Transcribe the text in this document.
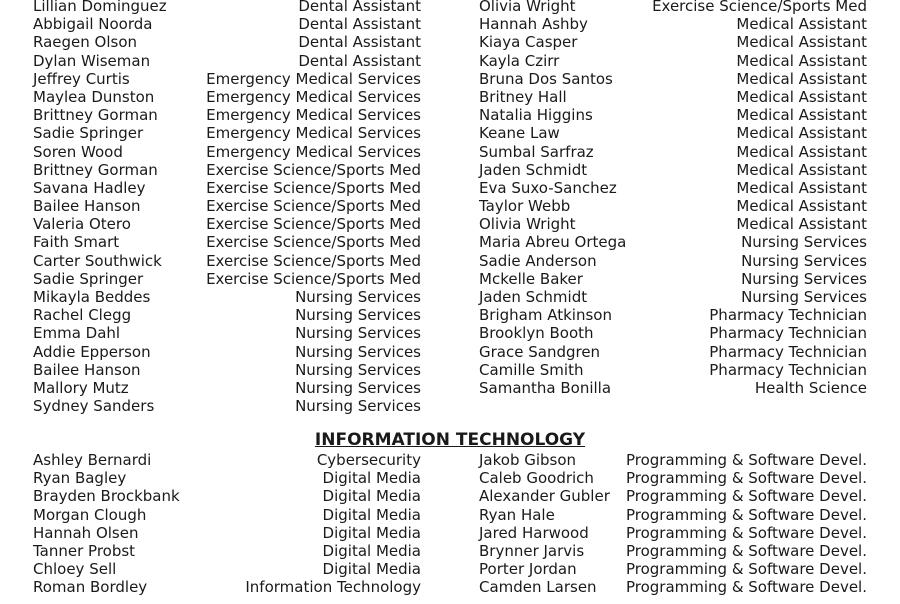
Lillian Dominguez	Dental Assistant
Abbigail Noorda	Dental Assistant
Raegen Olson	Dental Assistant
Dylan Wiseman	Dental Assistant
Jeffrey Curtis	Emergency Medical Services
Maylea Dunston	Emergency Medical Services
Brittney Gorman	Emergency Medical Services
Sadie Springer	Emergency Medical Services
Soren Wood	Emergency Medical Services
Brittney Gorman	Exercise Science/Sports Med
Savana Hadley	Exercise Science/Sports Med
Bailee Hanson	Exercise Science/Sports Med
Valeria Otero	Exercise Science/Sports Med
Faith Smart	Exercise Science/Sports Med
Carter Southwick	Exercise Science/Sports Med
Sadie Springer	Exercise Science/Sports Med
Mikayla Beddes	Nursing Services
Rachel Clegg	Nursing Services
Emma Dahl	Nursing Services
Addie Epperson	Nursing Services
Bailee Hanson	Nursing Services
Mallory Mutz	Nursing Services
Sydney Sanders	Nursing Services
Olivia Wright	Exercise Science/Sports Med
Hannah Ashby	Medical Assistant
Kiaya Casper	Medical Assistant
Kayla Czirr	Medical Assistant
Bruna Dos Santos	Medical Assistant
Britney Hall	Medical Assistant
Natalia Higgins	Medical Assistant
Keane Law	Medical Assistant
Sumbal Sarfraz	Medical Assistant
Jaden Schmidt	Medical Assistant
Eva Suxo-Sanchez	Medical Assistant
Taylor Webb	Medical Assistant
Olivia Wright	Medical Assistant
Maria Abreu Ortega	Nursing Services
Sadie Anderson	Nursing Services
Mckelle Baker	Nursing Services
Jaden Schmidt	Nursing Services
Brigham Atkinson	Pharmacy Technician
Brooklyn Booth	Pharmacy Technician
Grace Sandgren	Pharmacy Technician
Camille Smith	Pharmacy Technician
Samantha Bonilla	Health Science
INFORMATION TECHNOLOGY
Ashley Bernardi	Cybersecurity
Ryan Bagley	Digital Media
Brayden Brockbank	Digital Media
Morgan Clough	Digital Media
Hannah Olsen	Digital Media
Tanner Probst	Digital Media
Chloey Sell	Digital Media
Roman Bordley	Information Technology
Jakob Gibson	Programming & Software Devel.
Caleb Goodrich Programming & Software Devel.
Alexander Gubler Programming & Software Devel.
Ryan Hale	Programming & Software Devel.
Jared Harwood Programming & Software Devel.
Brynner Jarvis	Programming & Software Devel.
Porter Jordan	Programming & Software Devel.
Camden Larsen Programming & Software Devel.
